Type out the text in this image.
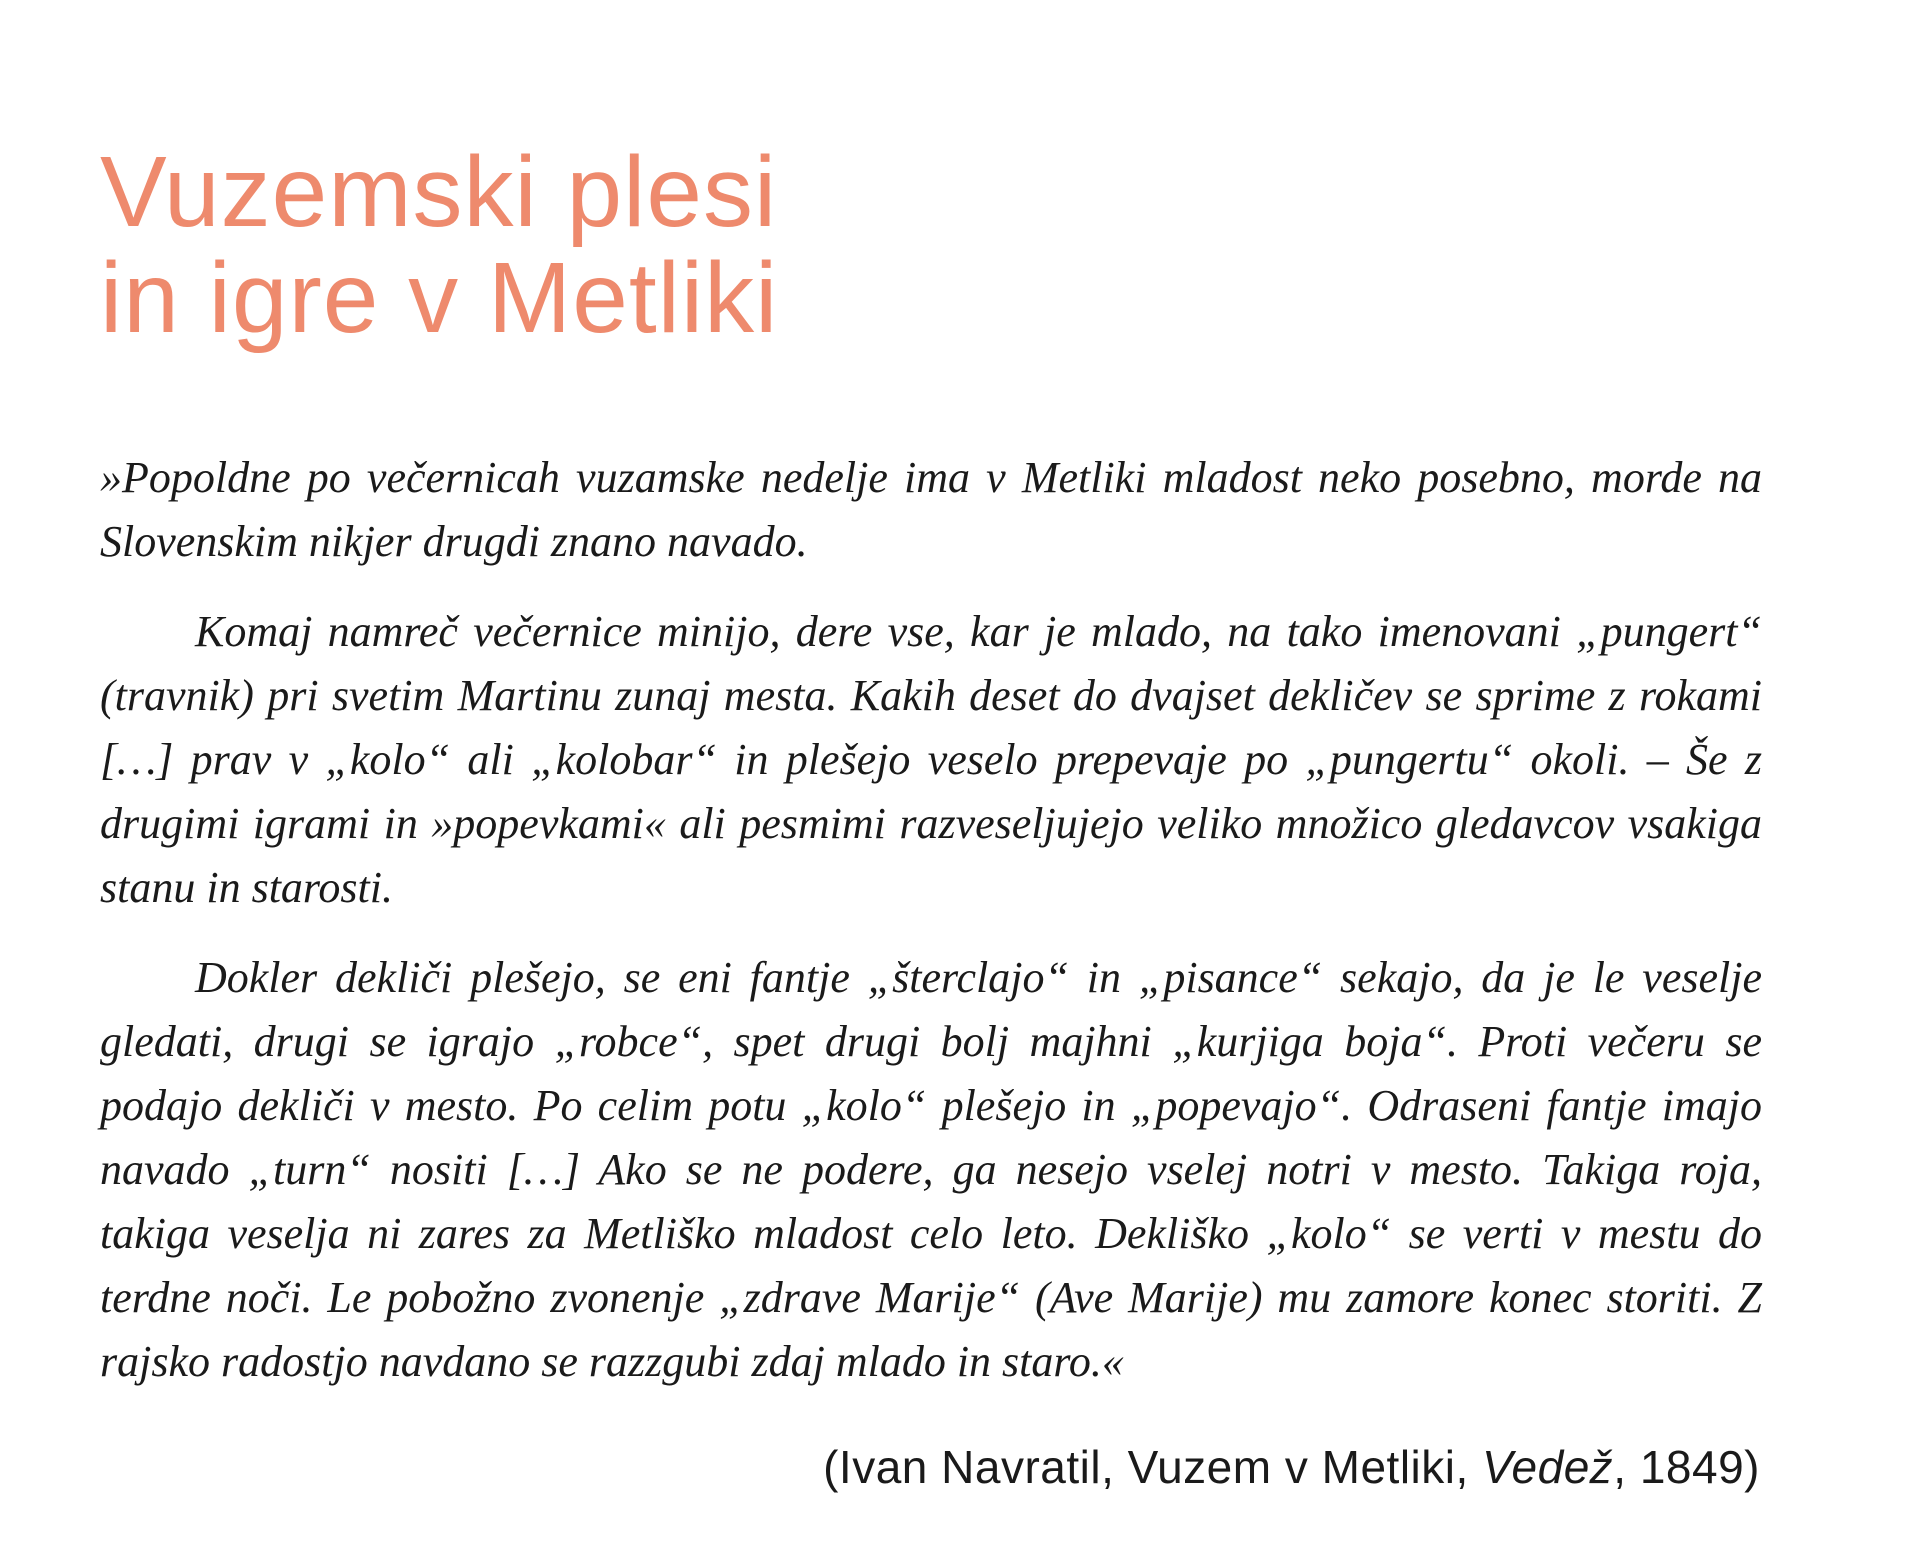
Vuzemski plesi
in igre v Metliki

»Popoldne po večernicah vuzamske nedelje ima v Metliki mladost neko posebno, morde na Slovenskim nikjer drugdi znano navado.

Komaj namreč večernice minijo, dere vse, kar je mlado, na tako imenovani „pungert“ (travnik) pri svetim Martinu zunaj mesta. Kakih deset do dvajset dekličev se sprime z rokami […] prav v „kolo“ ali „kolobar“ in plešejo veselo prepevaje po „pungertu“ okoli. – Še z drugimi igrami in »popevkami« ali pesmimi razveseljujejo veliko množico gledavcov vsakiga stanu in starosti.

Dokler dekliči plešejo, se eni fantje „šterclajo“ in „pisance“ sekajo, da je le veselje gledati, drugi se igrajo „robce“, spet drugi bolj majhni „kurjiga boja“. Proti večeru se podajo dekliči v mesto. Po celim potu „kolo“ plešejo in „popevajo“. Odraseni fantje imajo navado „turn“ nositi […] Ako se ne podere, ga nesejo vselej notri v mesto. Takiga roja, takiga veselja ni zares za Metliško mladost celo leto. Dekliško „kolo“ se verti v mestu do terdne noči. Le pobožno zvonenje „zdrave Marije“ (Ave Marije) mu zamore konec storiti. Z rajsko radostjo navdano se razzgubi zdaj mlado in staro.«

(Ivan Navratil, Vuzem v Metliki, Vedež, 1849)
